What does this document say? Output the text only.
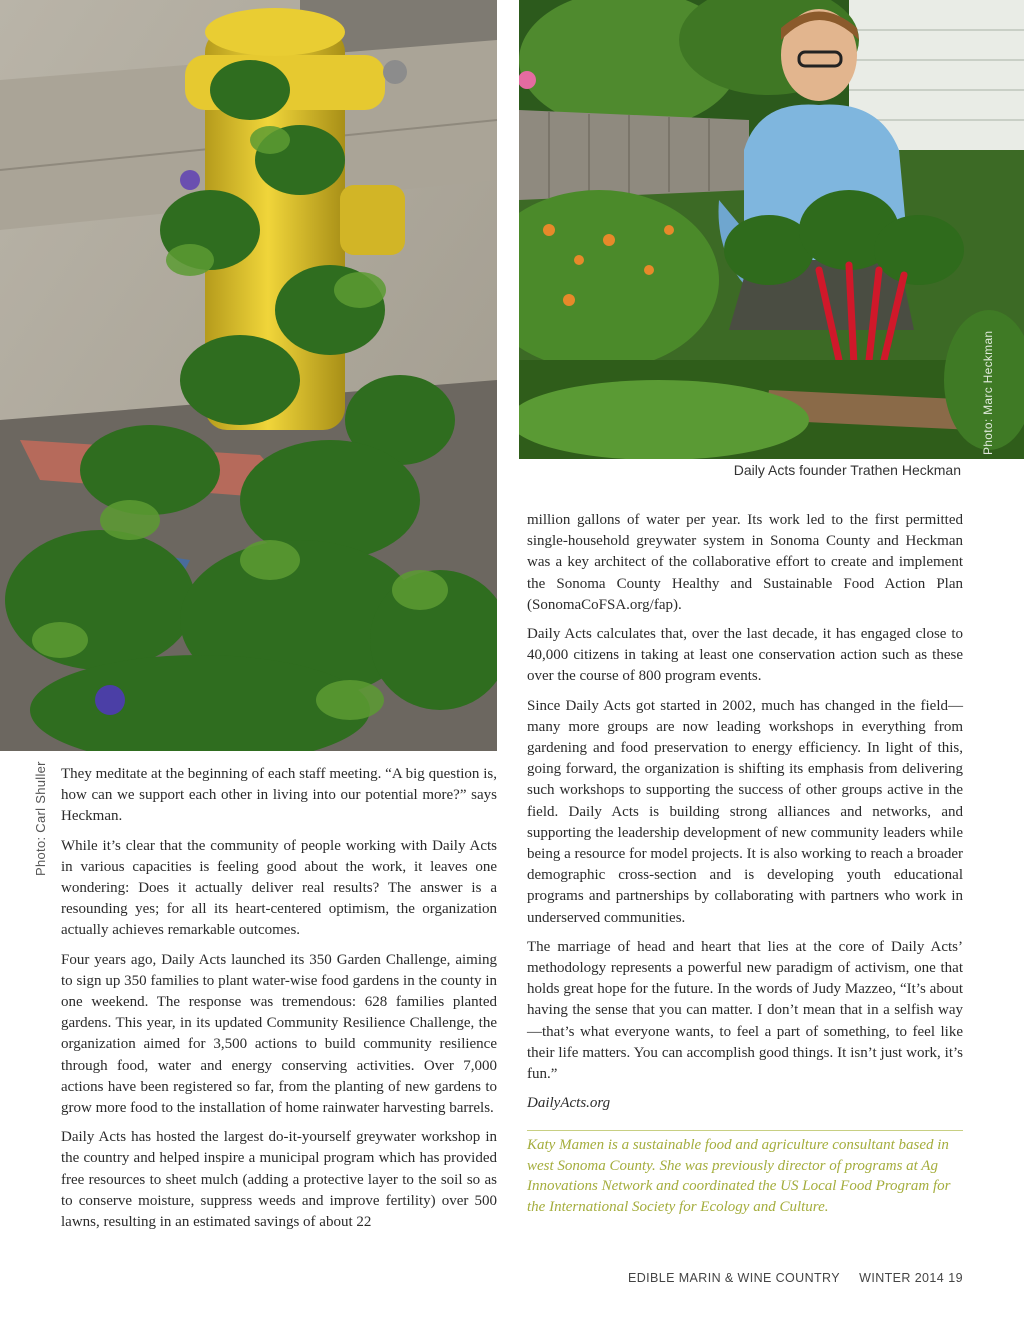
Photo: Carl Shuller
Photo: Marc Heckman
Daily Acts founder Trathen Heckman

They meditate at the beginning of each staff meeting. “A big question is, how can we support each other in living into our potential more?” says Heckman.

While it’s clear that the community of people working with Daily Acts in various capacities is feeling good about the work, it leaves one wondering: Does it actually deliver real results? The answer is a resounding yes; for all its heart-centered optimism, the organization actually achieves remarkable outcomes.

Four years ago, Daily Acts launched its 350 Garden Challenge, aiming to sign up 350 families to plant water-wise food gardens in the county in one weekend. The response was tremendous: 628 families planted gardens. This year, in its updated Community Resilience Challenge, the organization aimed for 3,500 actions to build community resilience through food, water and energy conserving activities. Over 7,000 actions have been registered so far, from the planting of new gardens to grow more food to the installation of home rainwater harvesting barrels.

Daily Acts has hosted the largest do-it-yourself greywater workshop in the country and helped inspire a municipal program which has provided free resources to sheet mulch (adding a protective layer to the soil so as to conserve moisture, suppress weeds and improve fertility) over 500 lawns, resulting in an estimated savings of about 22

million gallons of water per year. Its work led to the first permitted single-household greywater system in Sonoma County and Heckman was a key architect of the collaborative effort to create and implement the Sonoma County Healthy and Sustainable Food Action Plan (SonomaCoFSA.org/fap).

Daily Acts calculates that, over the last decade, it has engaged close to 40,000 citizens in taking at least one conservation action such as these over the course of 800 program events.

Since Daily Acts got started in 2002, much has changed in the field—many more groups are now leading workshops in everything from gardening and food preservation to energy efficiency. In light of this, going forward, the organization is shifting its emphasis from delivering such workshops to supporting the success of other groups active in the field. Daily Acts is building strong alliances and networks, and supporting the leadership development of new community leaders while being a resource for model projects. It is also working to reach a broader demographic cross-section and is developing youth educational programs and partnerships by collaborating with partners who work in underserved communities.

The marriage of head and heart that lies at the core of Daily Acts’ methodology represents a powerful new paradigm of activism, one that holds great hope for the future. In the words of Judy Mazzeo, “It’s about having the sense that you can matter. I don’t mean that in a selfish way—that’s what everyone wants, to feel a part of something, to feel like their life matters. You can accomplish good things. It isn’t just work, it’s fun.”

DailyActs.org

Katy Mamen is a sustainable food and agriculture consultant based in west Sonoma County. She was previously director of programs at Ag Innovations Network and coordinated the US Local Food Program for the International Society for Ecology and Culture.
EDIBLE MARIN & WINE COUNTRY     WINTER 2014 19
